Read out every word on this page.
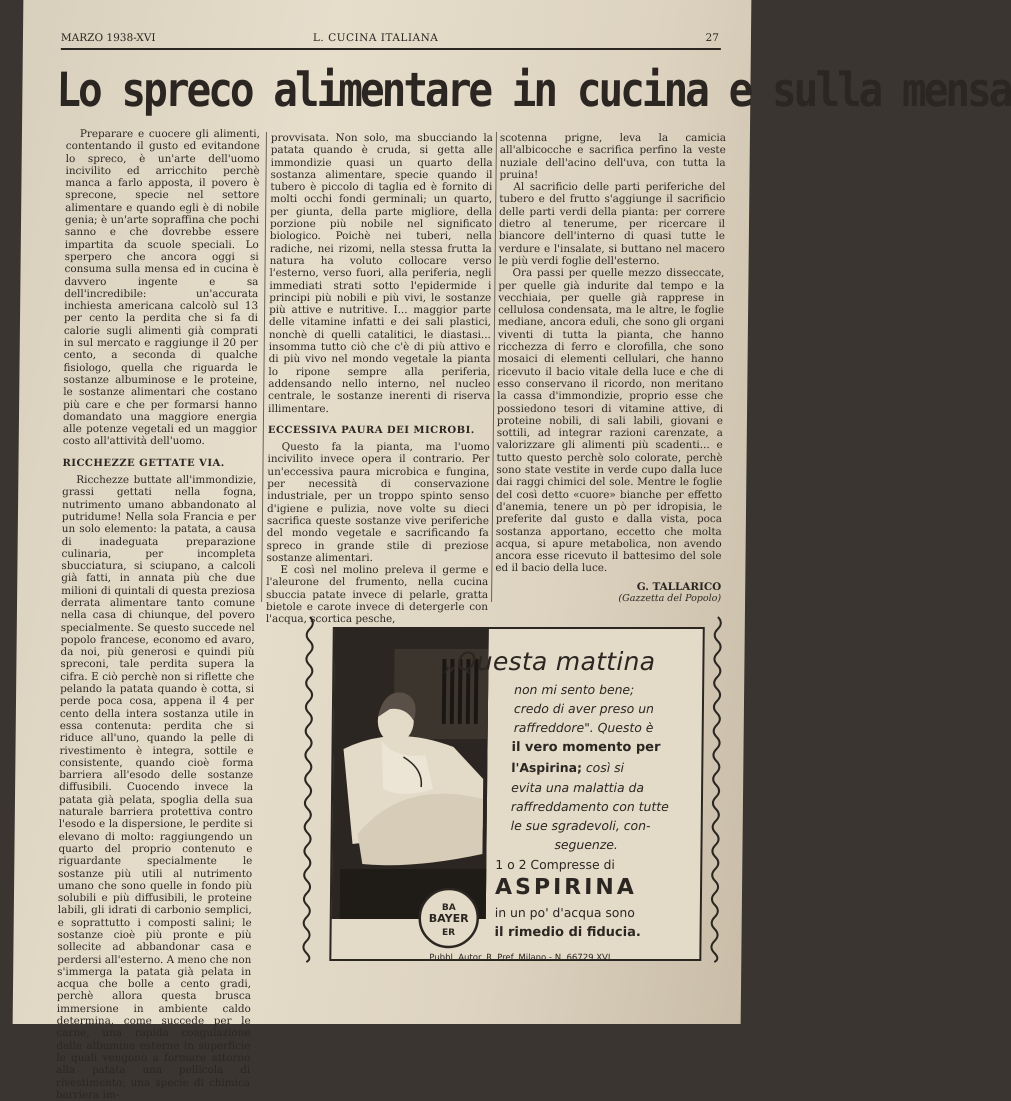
MARZO 1938-XVI	L. CUCINA ITALIANA	27
Lo spreco alimentare in cucina e sulla mensa

Preparare e cuocere gli alimenti, contentando il gusto ed evitandone lo spreco, è un'arte dell'uomo incivilito ed arricchito perchè manca a farlo apposta, il povero è sprecone, specie nel settore alimentare e quando egli è di nobile genia; è un'arte sopraffina che pochi sanno e che dovrebbe essere impartita da scuole speciali. Lo sperpero che ancora oggi si consuma sulla mensa ed in cucina è davvero ingente e sa dell'incredibile: un'accurata inchiesta americana calcolò sul 13 per cento la perdita che si fa di calorie sugli alimenti già comprati in sul mercato e raggiunge il 20 per cento, a seconda di qualche fisiologo, quella che riguarda le sostanze albuminose e le proteine, le sostanze alimentari che costano più care e che per formarsi hanno domandato una maggiore energia alle potenze vegetali ed un maggior costo all'attività dell'uomo.

RICCHEZZE GETTATE VIA.

Ricchezze buttate all'immondizie, grassi gettati nella fogna, nutrimento umano abbandonato al putridume! Nella sola Francia e per un solo elemento: la patata, a causa di inadeguata preparazione culinaria, per incompleta sbucciatura, si sciupano, a calcoli già fatti, in annata più che due milioni di quintali di questa preziosa derrata alimentare tanto comune nella casa di chiunque, del povero specialmente. Se questo succede nel popolo francese, economo ed avaro, da noi, più generosi e quindi più spreconi, tale perdita supera la cifra. E ciò perchè non si riflette che pelando la patata quando è cotta, si perde poca cosa, appena il 4 per cento della intera sostanza utile in essa contenuta: perdita che si riduce all'uno, quando la pelle di rivestimento è integra, sottile e consistente, quando cioè forma barriera all'esodo delle sostanze diffusibili. Cuocendo invece la patata già pelata, spoglia della sua naturale barriera protettiva contro l'esodo e la dispersione, le perdite si elevano di molto: raggiungendo un quarto del proprio contenuto e riguardante specialmente le sostanze più utili al nutrimento umano che sono quelle in fondo più solubili e più diffusibili, le proteine labili, gli idrati di carbonio semplici, e soprattutto i composti salini; le sostanze cioè più pronte e più sollecite ad abbandonar casa e perdersi all'esterno. A meno che non s'immerga la patata già pelata in acqua che bolle a cento gradi, perchè allora questa brusca immersione in ambiente caldo determina, come succede per le carne, una rapida coagulazione delle albumine esterne in superficie le quali vengono a formare attorno alla patata una pellicola di rivestimento, una specie di chimica barriera im-

provvisata. Non solo, ma sbucciando la patata quando è cruda, si getta alle immondizie quasi un quarto della sostanza alimentare, specie quando il tubero è piccolo di taglia ed è fornito di molti occhi fondi germinali; un quarto, per giunta, della parte migliore, della porzione più nobile nel significato biologico. Poichè nei tuberi, nella radiche, nei rizomi, nella stessa frutta la natura ha voluto collocare verso l'esterno, verso fuori, alla periferia, negli immediati strati sotto l'epidermide i principi più nobili e più vivi, le sostanze più attive e nutritive. I... maggior parte delle vitamine infatti e dei sali plastici, nonchè di quelli catalitici, le diastasi... insomma tutto ciò che c'è di più attivo e di più vivo nel mondo vegetale la pianta lo ripone sempre alla periferia, addensando nello interno, nel nucleo centrale, le sostanze inerenti di riserva illimentare.

ECCESSIVA PAURA DEI MICROBI.

Questo fa la pianta, ma l'uomo incivilito invece opera il contrario. Per un'eccessiva paura microbica e fungina, per necessità di conservazione industriale, per un troppo spinto senso d'igiene e pulizia, nove volte su dieci sacrifica queste sostanze vive periferiche del mondo vegetale e sacrificando fa spreco in grande stile di preziose sostanze alimentari.

E così nel molino preleva il germe e l'aleurone del frumento, nella cucina sbuccia patate invece di pelarle, gratta bietole e carote invece di detergerle con l'acqua, scortica pesche,

scotenna prigne, leva la camicia all'albicocche e sacrifica perfino la veste nuziale dell'acino dell'uva, con tutta la pruina!

Al sacrificio delle parti periferiche del tubero e del frutto s'aggiunge il sacrificio delle parti verdi della pianta: per correre dietro al tenerume, per ricercare il biancore dell'interno di quasi tutte le verdure e l'insalate, si buttano nel macero le più verdi foglie dell'esterno.

Ora passi per quelle mezzo disseccate, per quelle già indurite dal tempo e la vecchiaia, per quelle già rapprese in cellulosa condensata, ma le altre, le foglie mediane, ancora eduli, che sono gli organi viventi di tutta la pianta, che hanno ricchezza di ferro e clorofilla, che sono mosaici di elementi cellulari, che hanno ricevuto il bacio vitale della luce e che di esso conservano il ricordo, non meritano la cassa d'immondizie, proprio esse che possiedono tesori di vitamine attive, di proteine nobili, di sali labili, giovani e sottili, ad integrar razioni carenzate, a valorizzare gli alimenti più scadenti... e tutto questo perchè solo colorate, perchè sono state vestite in verde cupo dalla luce dai raggi chimici del sole. Mentre le foglie del così detto «cuore» bianche per effetto d'anemia, tenere un pò per idropisia, le preferite dal gusto e dalla vista, poca sostanza apportano, eccetto che molta acqua, si apure metabolica, non avendo ancora esse ricevuto il battesimo del sole ed il bacio della luce.

G. TALLARICO
(Gazzetta del Popolo)
BA
BAYER
ER
„Questa mattina
non mi sento bene;
credo di aver preso un
raffreddore". Questo è
il vero momento per
l'Aspirina; così si
evita una malattia da
raffreddamento con tutte
le sue sgradevoli, con-
seguenze.
1 o 2 Compresse di
ASPIRINA
in un po' d'acqua sono
il rimedio di fiducia.
Pubbl. Autor. R. Pref. Milano - N. 66729 XVI
